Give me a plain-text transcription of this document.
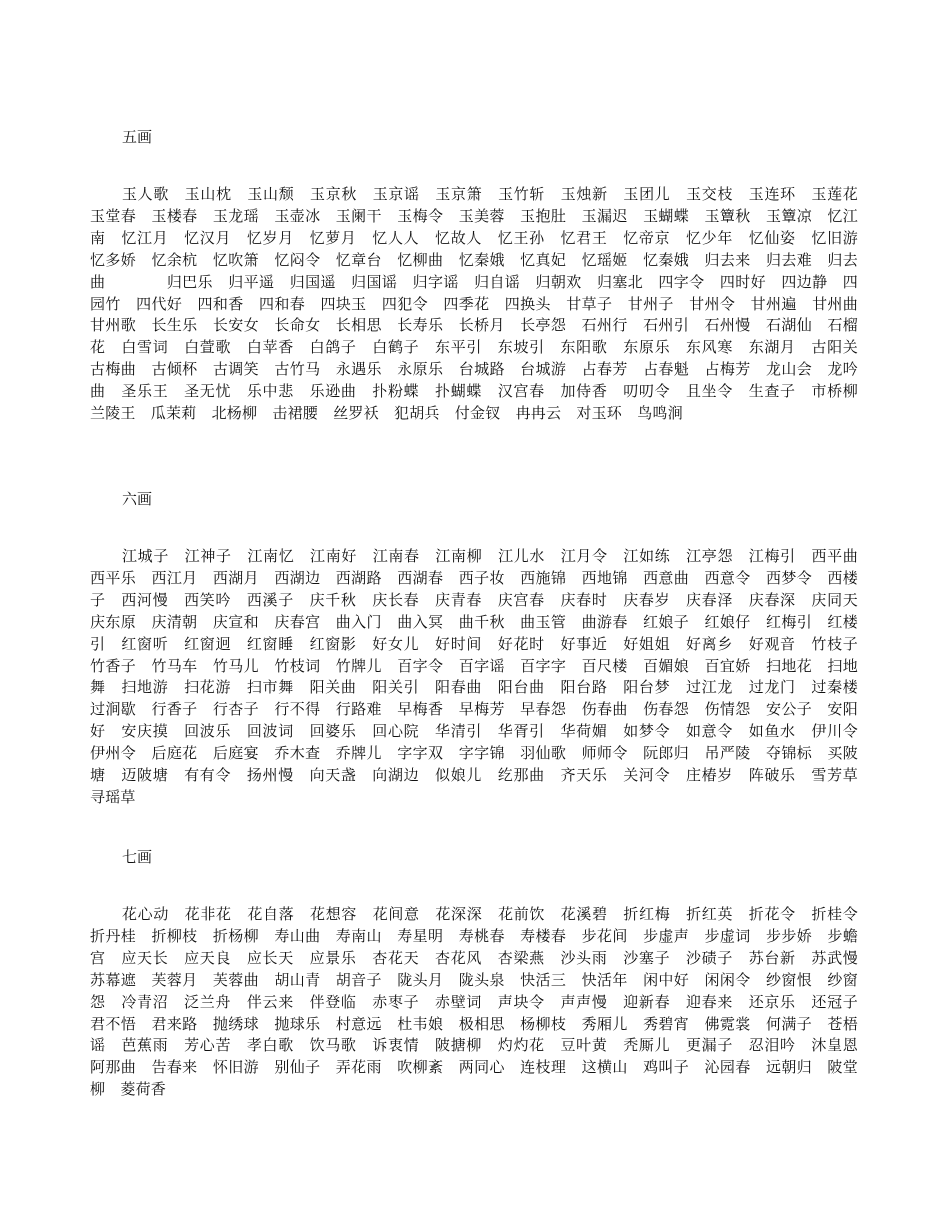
五画

玉人歌　玉山枕　玉山颓　玉京秋　玉京谣　玉京箫　玉竹斩　玉烛新　玉团儿　玉交枝　玉连环　玉莲花　玉堂春　玉楼春　玉龙瑶　玉壶冰　玉阑干　玉梅令　玉美蓉　玉抱肚　玉漏迟　玉蝴蝶　玉簟秋　玉簟凉　忆江南　忆江月　忆汉月　忆岁月　忆萝月　忆人人　忆故人　忆王孙　忆君王　忆帝京　忆少年　忆仙姿　忆旧游　忆多娇　忆余杭　忆吹箫　忆闷令　忆章台　忆柳曲　忆秦娥　忆真妃　忆瑶姬　忆秦娥　归去来　归去难　归去曲　　　　归巴乐　归平遥　归国遥　归国谣　归字谣　归自谣　归朝欢　归塞北　四字令　四时好　四边静　四园竹　四代好　四和香　四和春　四块玉　四犯令　四季花　四换头　甘草子　甘州子　甘州令　甘州遍　甘州曲　甘州歌　长生乐　长安女　长命女　长相思　长寿乐　长桥月　长亭怨　石州行　石州引　石州慢　石湖仙　石榴花　白雪词　白萱歌　白苹香　白鸽子　白鹤子　东平引　东坡引　东阳歌　东原乐　东风寒　东湖月　古阳关　古梅曲　古倾杯　古调笑　古竹马　永遇乐　永原乐　台城路　台城游　占春芳　占春魁　占梅芳　龙山会　龙吟曲　圣乐王　圣无忧　乐中悲　乐逊曲　扑粉蝶　扑蝴蝶　汉宫春　加侍香　叨叨令　且坐令　生查子　市桥柳　兰陵王　瓜茉莉　北杨柳　击裙腰　丝罗袄　犯胡兵　付金钗　冉冉云　对玉环　鸟鸣涧

六画

江城子　江神子　江南忆　江南好　江南春　江南柳　江儿水　江月令　江如练　江亭怨　江梅引　西平曲　西平乐　西江月　西湖月　西湖边　西湖路　西湖春　西子妆　西施锦　西地锦　西意曲　西意令　西梦令　西楼子　西河慢　西笑吟　西溪子　庆千秋　庆长春　庆青春　庆宫春　庆春时　庆春岁　庆春泽　庆春深　庆同天　庆东原　庆清朝　庆宣和　庆春宫　曲入门　曲入冥　曲千秋　曲玉管　曲游春　红娘子　红娘仔　红梅引　红楼引　红窗听　红窗迥　红窗睡　红窗影　好女儿　好时间　好花时　好事近　好姐姐　好离乡　好观音　竹枝子　竹香子　竹马车　竹马儿　竹枝词　竹牌儿　百字令　百字谣　百字字　百尺楼　百媚娘　百宜娇　扫地花　扫地舞　扫地游　扫花游　扫市舞　阳关曲　阳关引　阳春曲　阳台曲　阳台路　阳台梦　过江龙　过龙门　过秦楼　过涧歇　行香子　行杏子　行不得　行路难　早梅香　早梅芳　早春怨　伤春曲　伤春怨　伤情怨　安公子　安阳好　安庆摸　回波乐　回波词　回婆乐　回心院　华清引　华胥引　华荷媚　如梦令　如意令　如鱼水　伊川令　伊州令　后庭花　后庭宴　乔木查　乔牌儿　字字双　字字锦　羽仙歌　师师令　阮郎归　吊严陵　夺锦标　买陂塘　迈陂塘　有有令　扬州慢　向天盏　向湖边　似娘儿　纥那曲　齐天乐　关河令　庄椿岁　阵破乐　雪芳草　寻瑶草

七画

花心动　花非花　花自落　花想容　花间意　花深深　花前饮　花溪碧　折红梅　折红英　折花令　折桂令　折丹桂　折柳枝　折杨柳　寿山曲　寿南山　寿星明　寿桃春　寿楼春　步花间　步虚声　步虚词　步步娇　步蟾宫　应天长　应天良　应长天　应景乐　杏花天　杏花风　杏梁燕　沙头雨　沙塞子　沙碛子　苏台新　苏武慢　苏幕遮　芙蓉月　芙蓉曲　胡山青　胡音子　陇头月　陇头泉　快活三　快活年　闲中好　闲闲令　纱窗恨　纱窗怨　冷青沼　泛兰舟　伴云来　伴登临　赤枣子　赤壁词　声块令　声声慢　迎新春　迎春来　还京乐　还冠子　君不悟　君来路　抛绣球　抛球乐　村意远　杜韦娘　极相思　杨柳枝　秀厢儿　秀碧宵　佛霓裳　何满子　苍梧谣　芭蕉雨　芳心苦　孝白歌　饮马歌　诉衷情　陂搪柳　灼灼花　豆叶黄　秃厮儿　更漏子　忍泪吟　沐皇恩　阿那曲　告春来　怀旧游　别仙子　弄花雨　吹柳紊　两同心　连枝理　这横山　鸡叫子　沁园春　远朝归　陂堂柳　菱荷香
